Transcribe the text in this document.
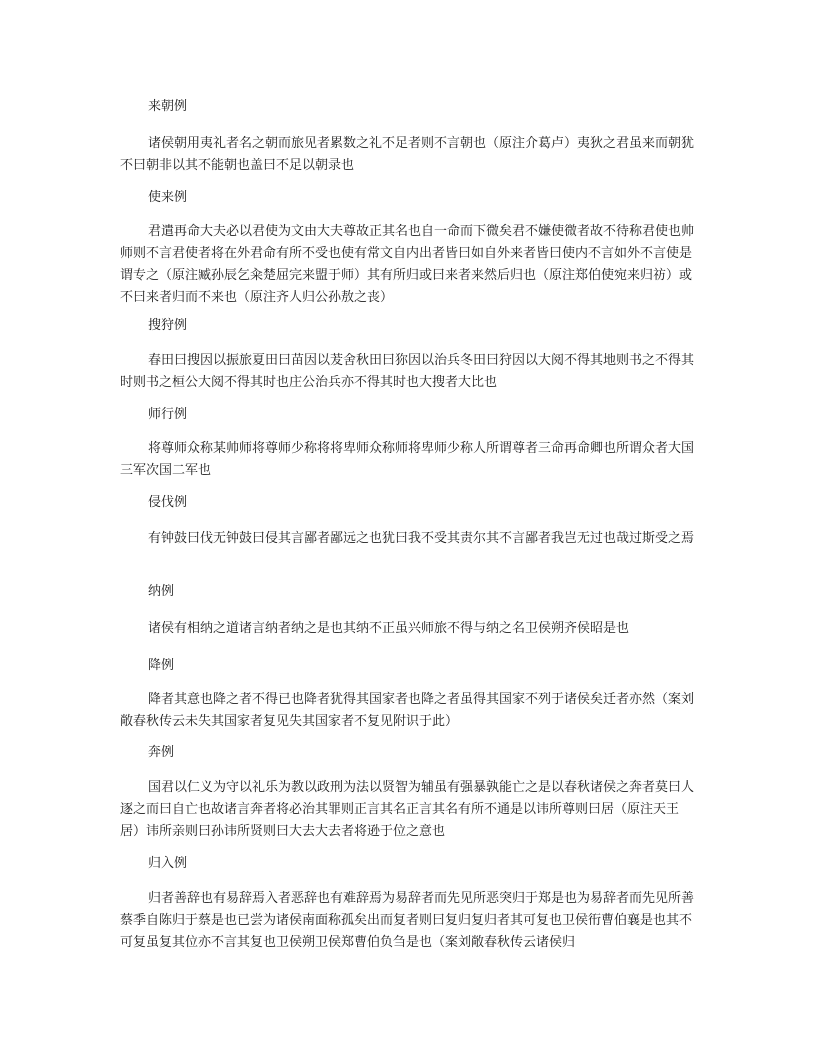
来朝例

诸侯朝用夷礼者名之朝而旅见者累数之礼不足者则不言朝也（原注介葛卢）夷狄之君虽来而朝犹不曰朝非以其不能朝也盖曰不足以朝录也

使来例

君遣再命大夫必以君使为文由大夫尊故正其名也自一命而下微矣君不嫌使微者故不待称君使也帅师则不言君使者将在外君命有所不受也使有常文自内出者皆曰如自外来者皆曰使内不言如外不言使是谓专之（原注臧孙辰乞籴楚屈完来盟于师）其有所归或曰来者来然后归也（原注郑伯使宛来归祊）或不曰来者归而不来也（原注齐人归公孙敖之丧）

搜狩例

春田曰搜因以振旅夏田曰苗因以茇舍秋田曰狝因以治兵冬田曰狩因以大阅不得其地则书之不得其时则书之桓公大阅不得其时也庄公治兵亦不得其时也大搜者大比也

师行例

将尊师众称某帅师将尊师少称将将卑师众称师将卑师少称人所谓尊者三命再命卿也所谓众者大国三军次国二军也

侵伐例

有钟鼓曰伐无钟鼓曰侵其言鄙者鄙远之也犹曰我不受其责尔其不言鄙者我岂无过也哉过斯受之焉

纳例

诸侯有相纳之道诸言纳者纳之是也其纳不正虽兴师旅不得与纳之名卫侯朔齐侯昭是也

降例

降者其意也降之者不得已也降者犹得其国家者也降之者虽得其国家不列于诸侯矣迁者亦然（案刘敞春秋传云未失其国家者复见失其国家者不复见附识于此）

奔例

国君以仁义为守以礼乐为教以政刑为法以贤智为辅虽有强暴孰能亡之是以春秋诸侯之奔者莫曰人逐之而曰自亡也故诸言奔者将必治其罪则正言其名正言其名有所不通是以讳所尊则曰居（原注天王居）讳所亲则曰孙讳所贤则曰大去大去者将逊于位之意也

归入例

归者善辞也有易辞焉入者恶辞也有难辞焉为易辞者而先见所恶突归于郑是也为易辞者而先见所善蔡季自陈归于蔡是也已尝为诸侯南面称孤矣出而复者则曰复归复归者其可复也卫侯衎曹伯襄是也其不可复虽复其位亦不言其复也卫侯朔卫侯郑曹伯负刍是也（案刘敞春秋传云诸侯归
